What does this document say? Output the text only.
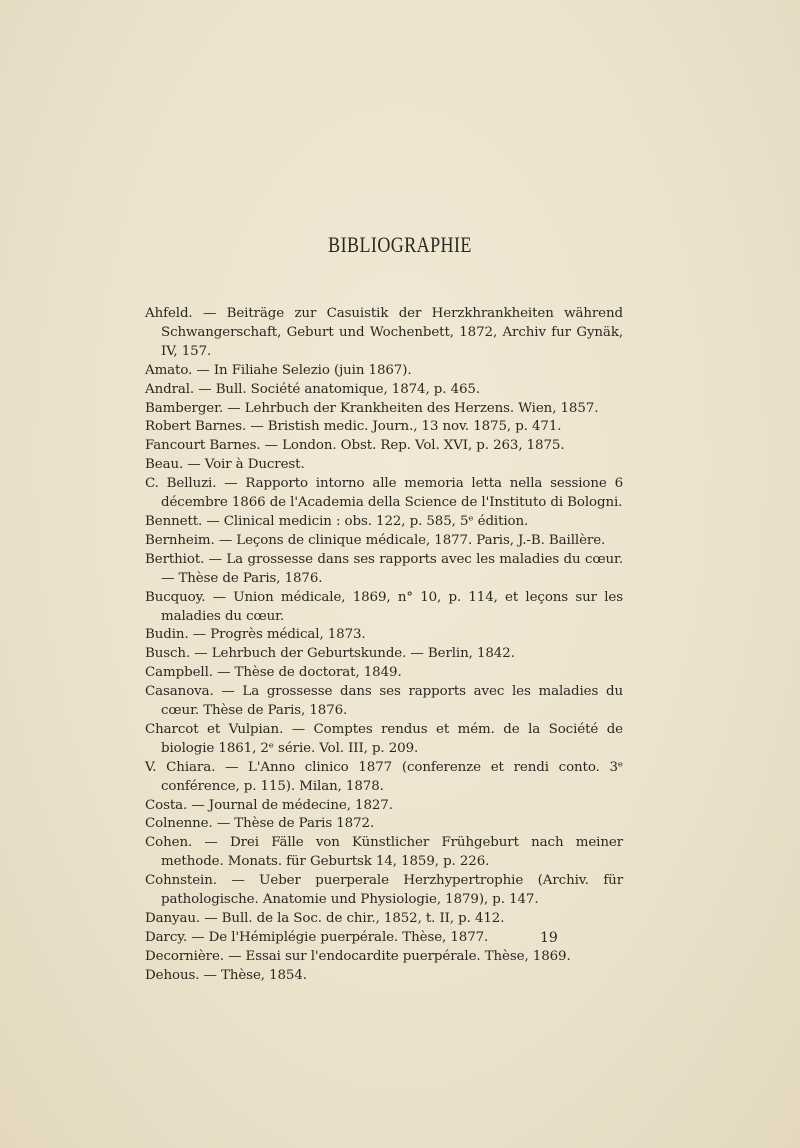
BIBLIOGRAPHIE
Ahfeld. — Beiträge zur Casuistik der Herzkhrankheiten während Schwangerschaft, Geburt und Wochenbett, 1872, Archiv fur Gynäk, IV, 157.
Amato. — In Filiahe Selezio (juin 1867).
Andral. — Bull. Société anatomique, 1874, p. 465.
Bamberger. — Lehrbuch der Krankheiten des Herzens. Wien, 1857.
Robert Barnes. — Bristish medic. Journ., 13 nov. 1875, p. 471.
Fancourt Barnes. — London. Obst. Rep. Vol. XVI, p. 263, 1875.
Beau. — Voir à Ducrest.
C. Belluzi. — Rapporto intorno alle memoria letta nella sessione 6 décembre 1866 de l'Academia della Science de l'Instituto di Bologni.
Bennett. — Clinical medicin : obs. 122, p. 585, 5ᵉ édition.
Bernheim. — Leçons de clinique médicale, 1877. Paris, J.-B. Baillère.
Berthiot. — La grossesse dans ses rapports avec les maladies du cœur. — Thèse de Paris, 1876.
Bucquoy. — Union médicale, 1869, n° 10, p. 114, et leçons sur les maladies du cœur.
Budin. — Progrès médical, 1873.
Busch. — Lehrbuch der Geburtskunde. — Berlin, 1842.
Campbell. — Thèse de doctorat, 1849.
Casanova. — La grossesse dans ses rapports avec les maladies du cœur. Thèse de Paris, 1876.
Charcot et Vulpian. — Comptes rendus et mém. de la Société de biologie 1861, 2ᵉ série. Vol. III, p. 209.
V. Chiara. — L'Anno clinico 1877 (conferenze et rendi conto. 3ᵉ conférence, p. 115). Milan, 1878.
Costa. — Journal de médecine, 1827.
Colnenne. — Thèse de Paris 1872.
Cohen. — Drei Fälle von Künstlicher Frühgeburt nach meiner methode. Monats. für Geburtsk 14, 1859, p. 226.
Cohnstein. — Ueber puerperale Herzhypertrophie (Archiv. für pathologische. Anatomie und Physiologie, 1879), p. 147.
Danyau. — Bull. de la Soc. de chir., 1852, t. II, p. 412.
Darcy. — De l'Hémiplégie puerpérale. Thèse, 1877.
Decornière. — Essai sur l'endocardite puerpérale. Thèse, 1869.
Dehous. — Thèse, 1854.
19
